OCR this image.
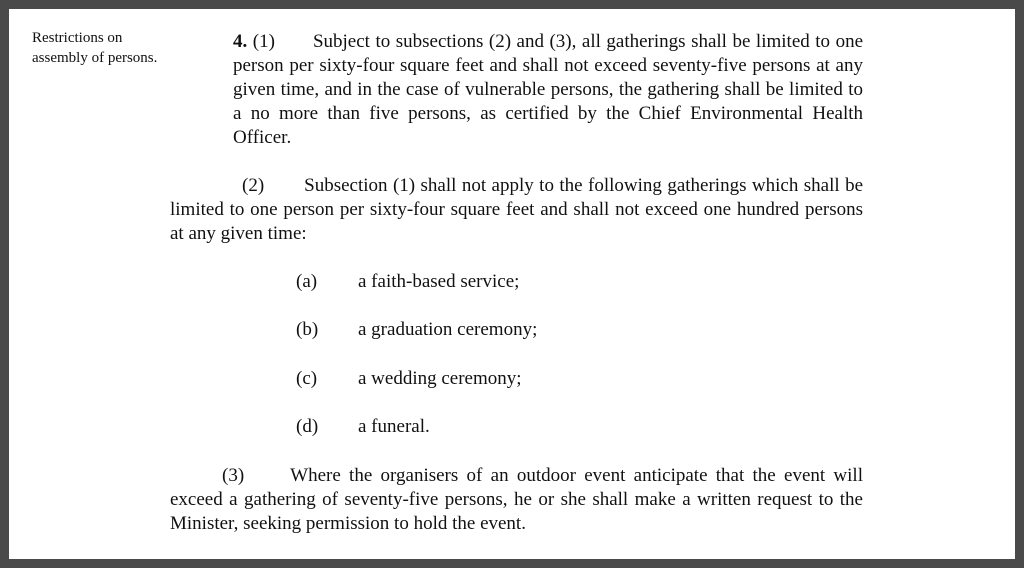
Restrictions on assembly of persons.
4. (1) Subject to subsections (2) and (3), all gatherings shall be limited to one person per sixty-four square feet and shall not exceed seventy-five persons at any given time, and in the case of vulnerable persons, the gathering shall be limited to a no more than five persons, as certified by the Chief Environmental Health Officer.
(2) Subsection (1) shall not apply to the following gatherings which shall be limited to one person per sixty-four square feet and shall not exceed one hundred persons at any given time:
(a) a faith-based service;
(b) a graduation ceremony;
(c) a wedding ceremony;
(d) a funeral.
(3) Where the organisers of an outdoor event anticipate that the event will exceed a gathering of seventy-five persons, he or she shall make a written request to the Minister, seeking permission to hold the event.
